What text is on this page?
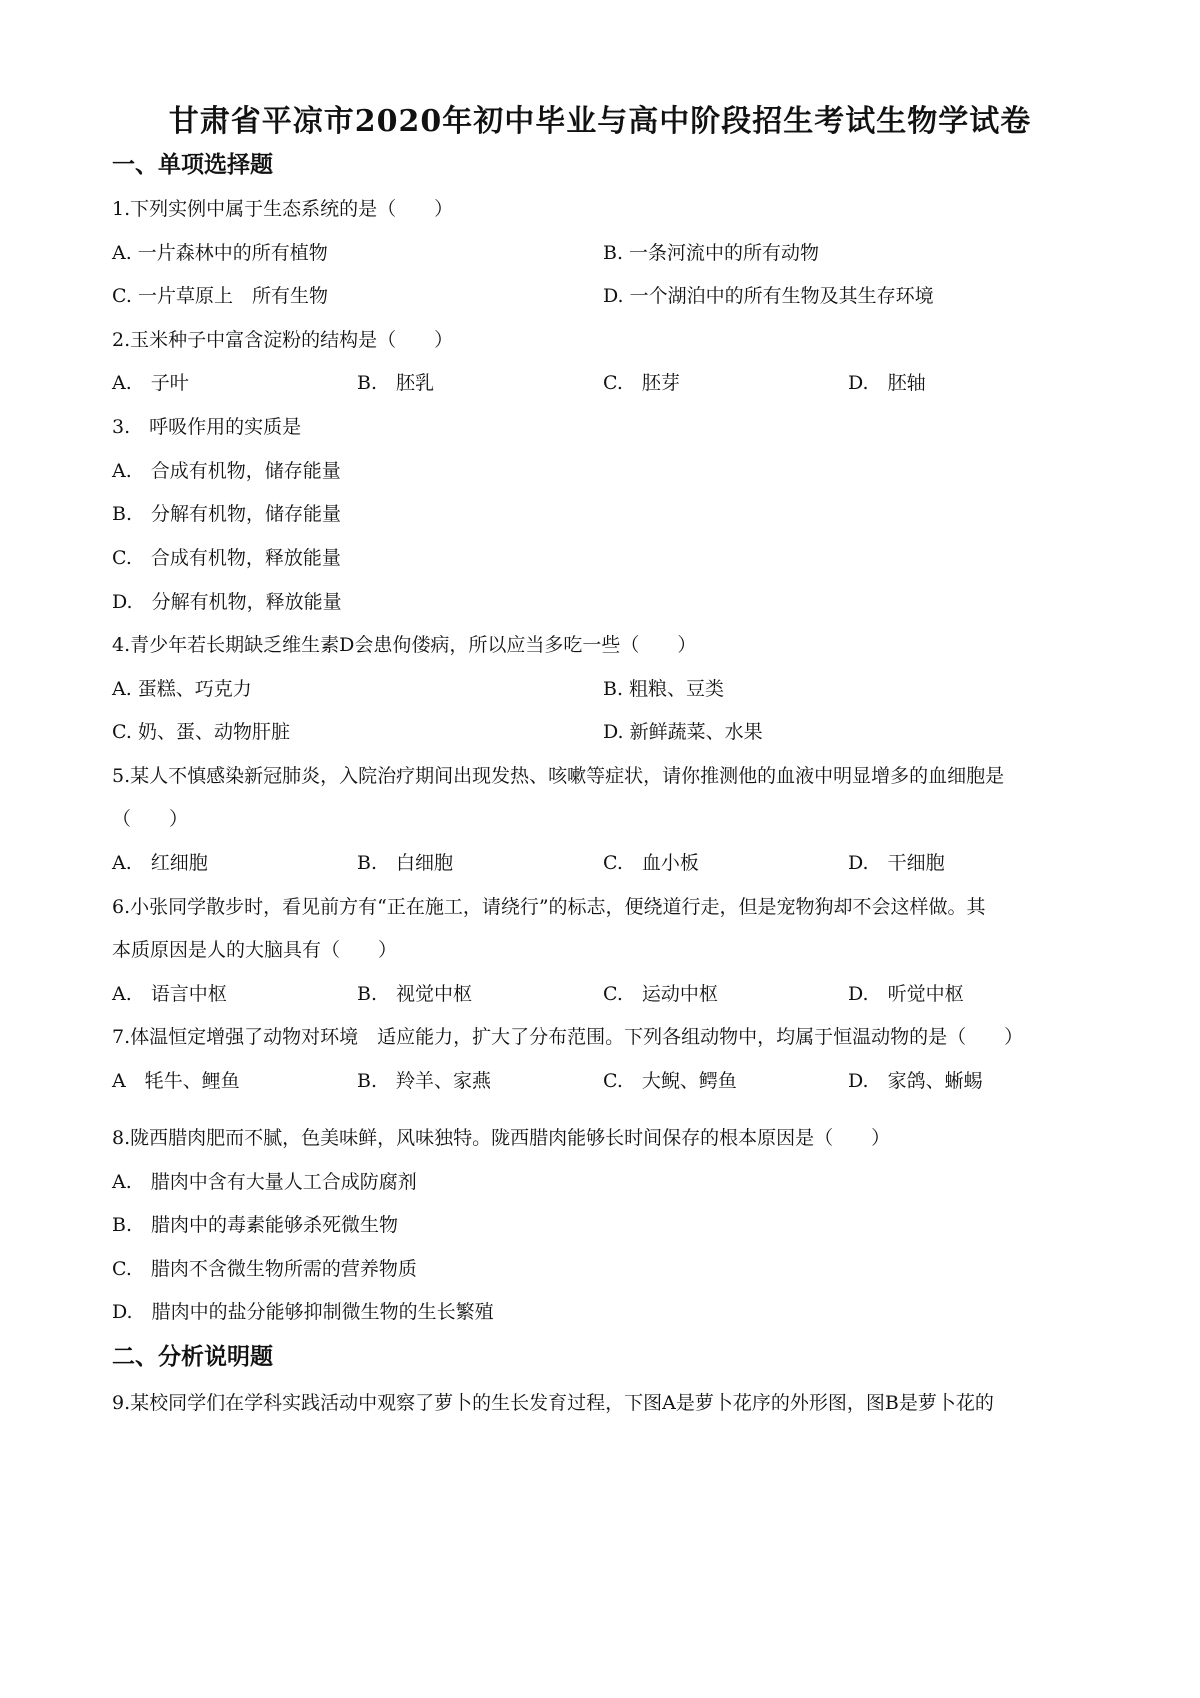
甘肃省平凉市2020年初中毕业与高中阶段招生考试生物学试卷
一、单项选择题
1.下列实例中属于生态系统的是（　　）
A. 一片森林中的所有植物	B. 一条河流中的所有动物
C. 一片草原上　所有生物	D. 一个湖泊中的所有生物及其生存环境
2.玉米种子中富含淀粉的结构是（　　）
A.　子叶	B.　胚乳	C.　胚芽	D.　胚轴
3.　呼吸作用的实质是
A.　合成有机物，储存能量
B.　分解有机物，储存能量
C.　合成有机物，释放能量
D.　分解有机物，释放能量
4.青少年若长期缺乏维生素D会患佝偻病，所以应当多吃一些（　　）
A. 蛋糕、巧克力	B. 粗粮、豆类
C. 奶、蛋、动物肝脏	D. 新鲜蔬菜、水果
5.某人不慎感染新冠肺炎，入院治疗期间出现发热、咳嗽等症状，请你推测他的血液中明显增多的血细胞是
（　　）
A.　红细胞	B.　白细胞	C.　血小板	D.　干细胞
6.小张同学散步时，看见前方有“正在施工，请绕行”的标志，便绕道行走，但是宠物狗却不会这样做。其
本质原因是人的大脑具有（　　）
A.　语言中枢	B.　视觉中枢	C.　运动中枢	D.　听觉中枢
7.体温恒定增强了动物对环境　适应能力，扩大了分布范围。下列各组动物中，均属于恒温动物的是（　　）
A　牦牛、鲤鱼	B.　羚羊、家燕	C.　大鲵、鳄鱼	D.　家鸽、蜥蜴
8.陇西腊肉肥而不腻，色美味鲜，风味独特。陇西腊肉能够长时间保存的根本原因是（　　）
A.　腊肉中含有大量人工合成防腐剂
B.　腊肉中的毒素能够杀死微生物
C.　腊肉不含微生物所需的营养物质
D.　腊肉中的盐分能够抑制微生物的生长繁殖
二、分析说明题
9.某校同学们在学科实践活动中观察了萝卜的生长发育过程，下图A是萝卜花序的外形图，图B是萝卜花的
